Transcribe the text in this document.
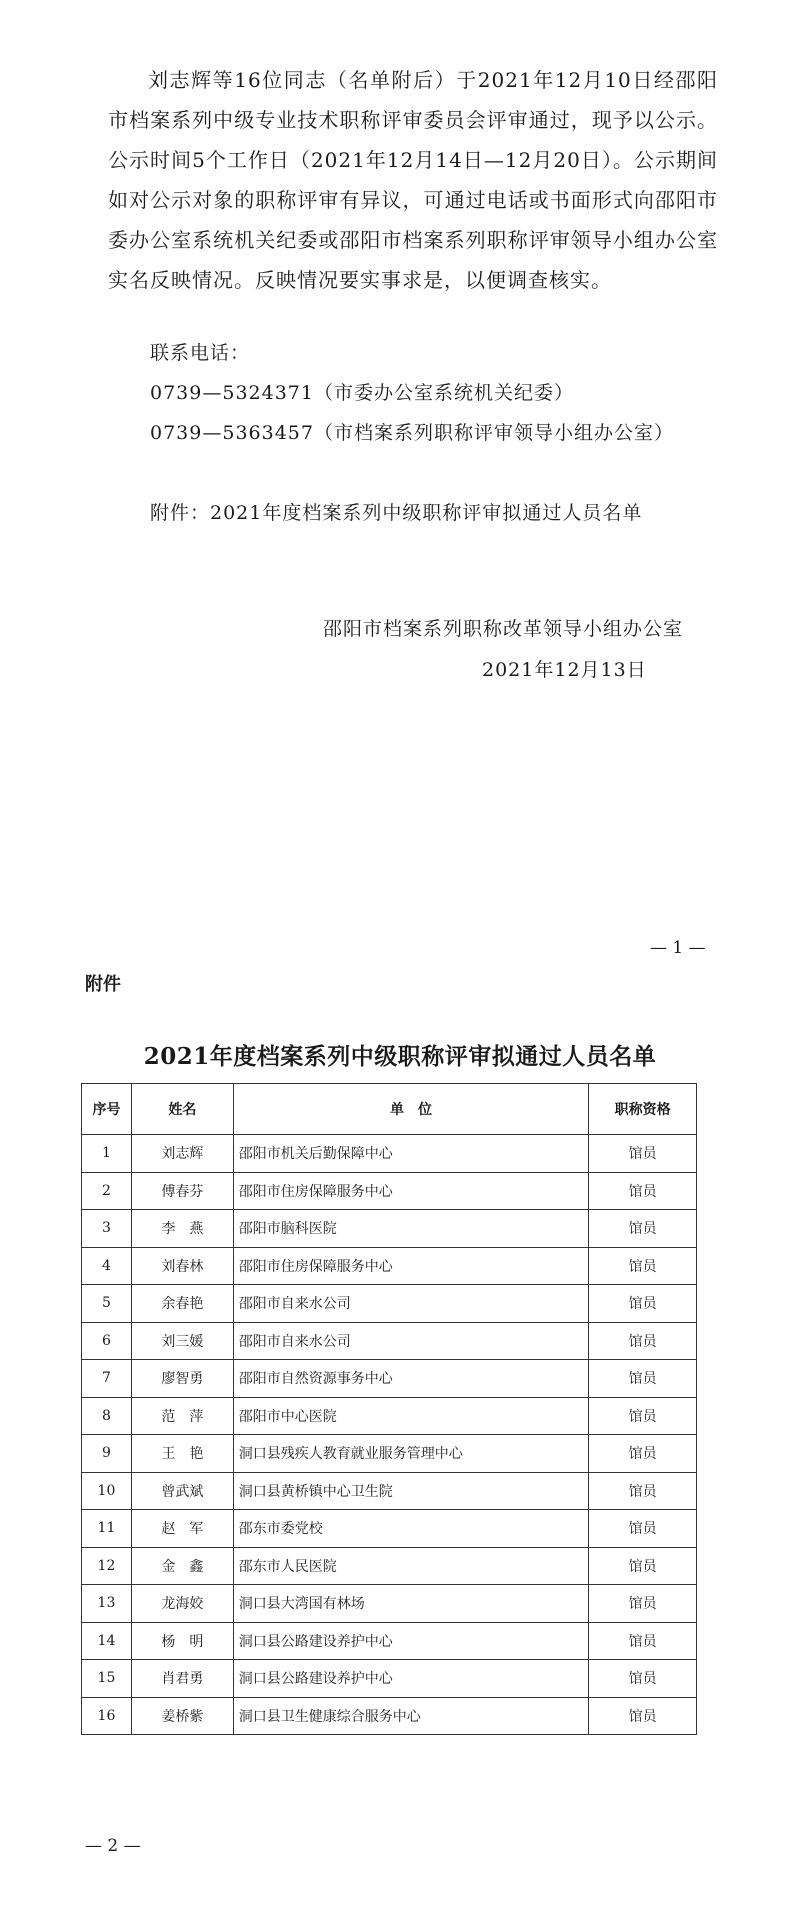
刘志辉等16位同志（名单附后）于2021年12月10日经邵阳市档案系列中级专业技术职称评审委员会评审通过，现予以公示。公示时间5个工作日（2021年12月14日—12月20日）。公示期间如对公示对象的职称评审有异议，可通过电话或书面形式向邵阳市委办公室系统机关纪委或邵阳市档案系列职称评审领导小组办公室实名反映情况。反映情况要实事求是，以便调查核实。

联系电话：
0739—5324371（市委办公室系统机关纪委）
0739—5363457（市档案系列职称评审领导小组办公室）
附件：2021年度档案系列中级职称评审拟通过人员名单
邵阳市档案系列职称改革领导小组办公室
2021年12月13日
— 1 —
附件
2021年度档案系列中级职称评审拟通过人员名单
序号	姓名	单　位	职称资格
1	刘志辉	邵阳市机关后勤保障中心	馆员
2	傅春芬	邵阳市住房保障服务中心	馆员
3	李　燕	邵阳市脑科医院	馆员
4	刘春林	邵阳市住房保障服务中心	馆员
5	余春艳	邵阳市自来水公司	馆员
6	刘三媛	邵阳市自来水公司	馆员
7	廖智勇	邵阳市自然资源事务中心	馆员
8	范　萍	邵阳市中心医院	馆员
9	王　艳	洞口县残疾人教育就业服务管理中心	馆员
10	曾武斌	洞口县黄桥镇中心卫生院	馆员
11	赵　军	邵东市委党校	馆员
12	金　鑫	邵东市人民医院	馆员
13	龙海姣	洞口县大湾国有林场	馆员
14	杨　明	洞口县公路建设养护中心	馆员
15	肖君勇	洞口县公路建设养护中心	馆员
16	姜桥紫	洞口县卫生健康综合服务中心	馆员
— 2 —
